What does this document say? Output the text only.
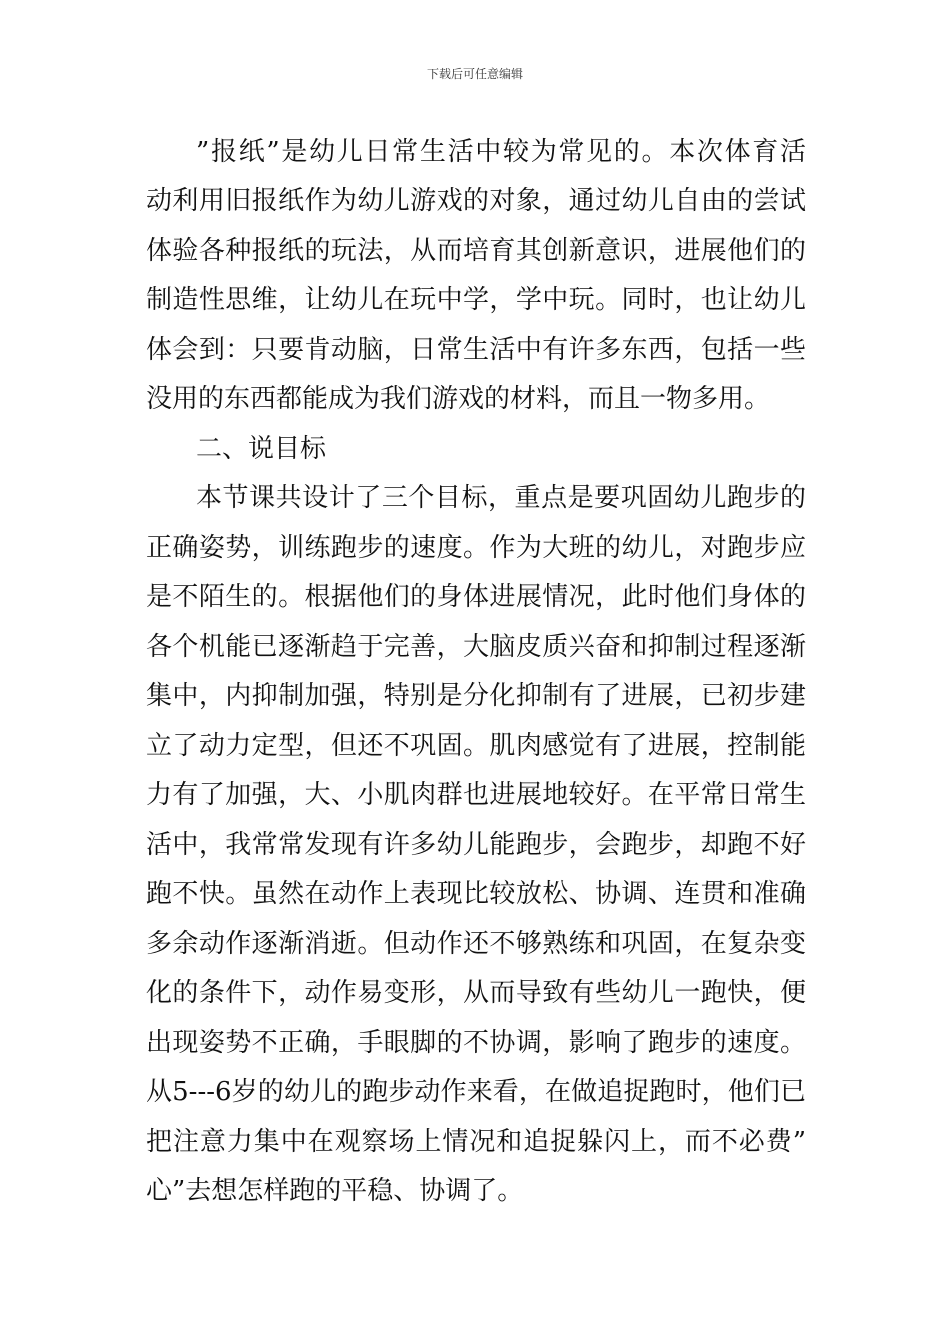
下载后可任意编辑
”报纸”是幼儿日常生活中较为常见的。本次体育活
动利用旧报纸作为幼儿游戏的对象，通过幼儿自由的尝试
体验各种报纸的玩法，从而培育其创新意识，进展他们的
制造性思维，让幼儿在玩中学，学中玩。同时，也让幼儿
体会到：只要肯动脑，日常生活中有许多东西，包括一些
没用的东西都能成为我们游戏的材料，而且一物多用。
二、说目标
本节课共设计了三个目标，重点是要巩固幼儿跑步的
正确姿势，训练跑步的速度。作为大班的幼儿，对跑步应
是不陌生的。根据他们的身体进展情况，此时他们身体的
各个机能已逐渐趋于完善，大脑皮质兴奋和抑制过程逐渐
集中，内抑制加强，特别是分化抑制有了进展，已初步建
立了动力定型，但还不巩固。肌肉感觉有了进展，控制能
力有了加强，大、小肌肉群也进展地较好。在平常日常生
活中，我常常发现有许多幼儿能跑步，会跑步，却跑不好
跑不快。虽然在动作上表现比较放松、协调、连贯和准确
多余动作逐渐消逝。但动作还不够熟练和巩固，在复杂变
化的条件下，动作易变形，从而导致有些幼儿一跑快，便
出现姿势不正确，手眼脚的不协调，影响了跑步的速度。
从5---6岁的幼儿的跑步动作来看，在做追捉跑时，他们已
把注意力集中在观察场上情况和追捉躲闪上，而不必费”
心”去想怎样跑的平稳、协调了。
